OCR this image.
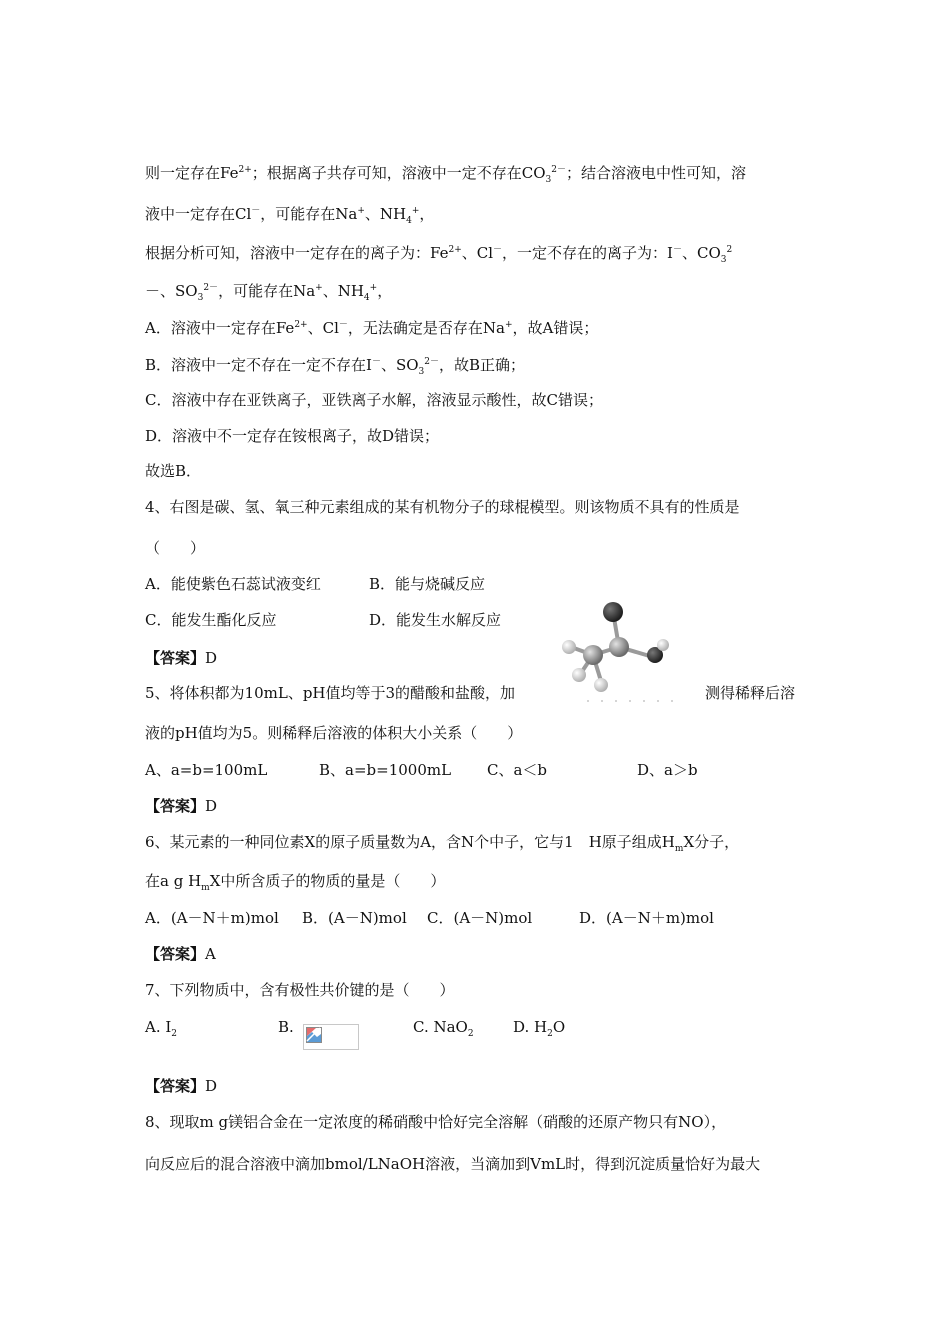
则一定存在$Fe^{2+}$；根据离子共存可知，溶液中一定不存在$CO_3^{2-}$；结合溶液电中性可知，溶
液中一定存在Cl－，可能存在Na+、$NH_4^+$，
根据分析可知，溶液中一定存在的离子为：$Fe^{2+}$、Cl－，一定不存在的离子为：I－、$CO_3^2$
－、$SO_3^{2-}$，可能存在Na+、$NH_4^+$，
A．溶液中一定存在$Fe^{2+}$、Cl－，无法确定是否存在Na+，故A错误；
B．溶液中一定不存在一定不存在I－、$SO_3^{2-}$，故B正确；
C．溶液中存在亚铁离子，亚铁离子水解，溶液显示酸性，故C错误；
D．溶液中不一定存在铵根离子，故D错误；
故选B．
4、右图是碳、氢、氧三种元素组成的某有机物分子的球棍模型。则该物质不具有的性质是
（　　）
A．能使紫色石蕊试液变红	B．能与烧碱反应
C．能发生酯化反应	D．能发生水解反应
【答案】D
5、将体积都为10mL、pH值均等于3的醋酸和盐酸，加	测得稀释后溶
液的pH值均为5。则稀释后溶液的体积大小关系（　　）
A、a=b=100mL	B、a=b=1000mL C、a＜b	D、a＞b
【答案】D
6、某元素的一种同位素X的原子质量数为A，含N个中子，它与1　H原子组成$H_mX$分子，
在a g $H_mX$中所含质子的物质的量是（　　）
A．(A－N＋m)mol B．(A－N)mol C．(A－N)mol	D．(A－N＋m)mol
【答案】A
7、下列物质中，含有极性共价键的是（　　）
A. $I_2$	B.	C. NaO$_2$	D. $H_2O$
【答案】D
8、现取m g镁铝合金在一定浓度的稀硝酸中恰好完全溶解（硝酸的还原产物只有NO），
向反应后的混合溶液中滴加bmol/LNaOH溶液，当滴加到VmL时，得到沉淀质量恰好为最大
